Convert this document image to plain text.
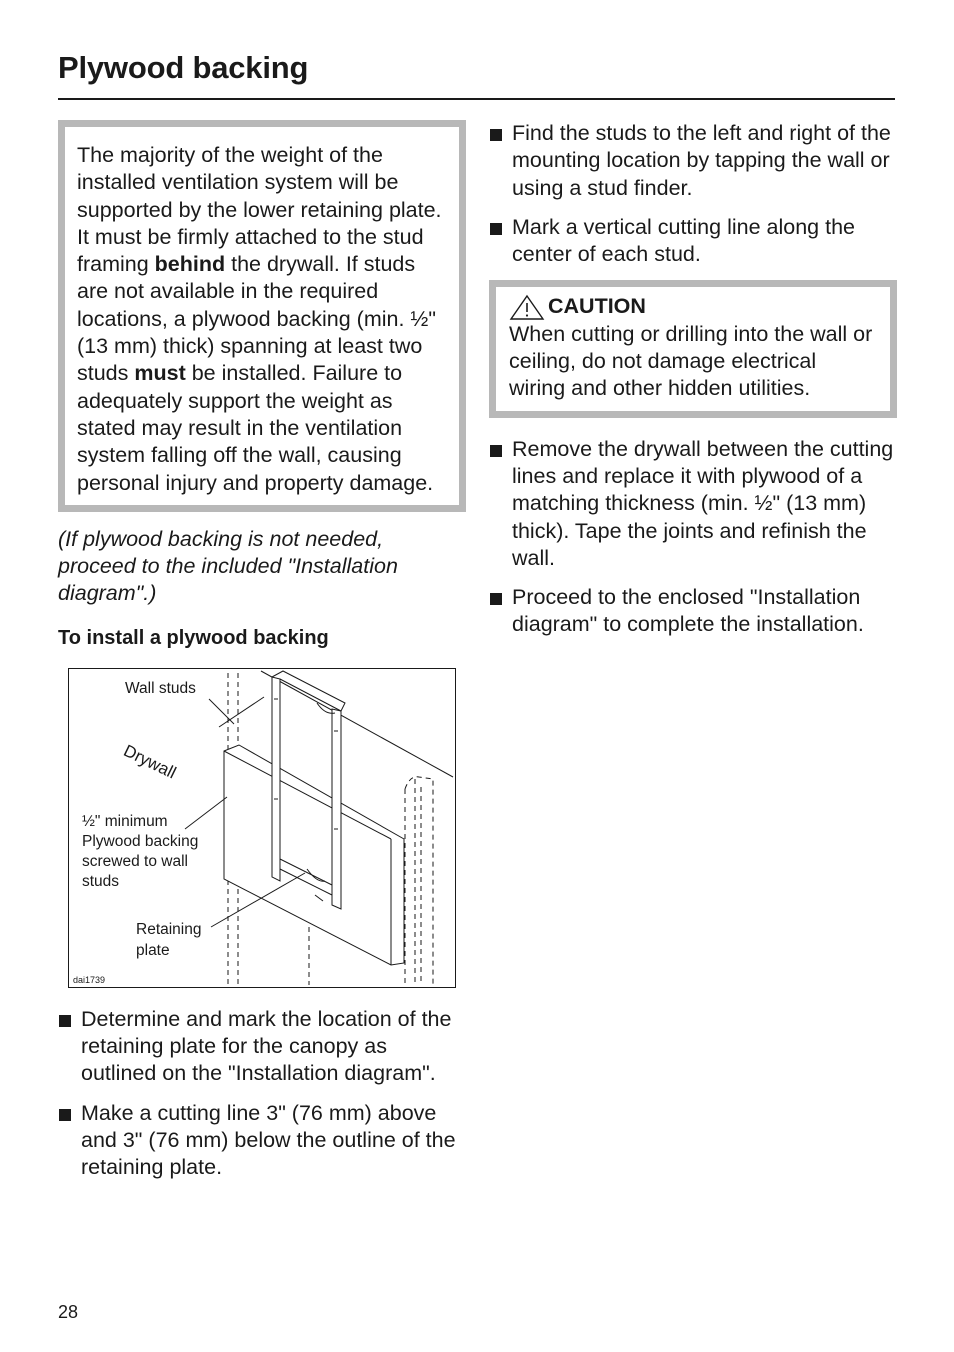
Plywood backing
The majority of the weight of the installed ventilation system will be supported by the lower retaining plate. It must be firmly attached to the stud framing behind the drywall. If studs are not available in the required locations, a plywood backing (min. ½" (13 mm) thick) spanning at least two studs must be installed. Failure to adequately support the weight as stated may result in the ventilation system falling off the wall, causing personal injury and property damage.
(If plywood backing is not needed, proceed to the included "Installation diagram".)
To install a plywood backing
Wall studs
Drywall
½" minimum
Plywood backing
screwed to wall
studs
Retaining
plate
dai1739
Determine and mark the location of the retaining plate for the canopy as outlined on the "Installation diagram".
Make a cutting line 3" (76 mm) above and 3" (76 mm) below the outline of the retaining plate.
Find the studs to the left and right of the mounting location by tapping the wall or using a stud finder.
Mark a vertical cutting line along the center of each stud.
CAUTION
When cutting or drilling into the wall or ceiling, do not damage electrical wiring and other hidden utilities.
Remove the drywall between the cutting lines and replace it with plywood of a matching thickness (min. ½" (13 mm) thick). Tape the joints and refinish the wall.
Proceed to the enclosed "Installation diagram" to complete the installation.
28
